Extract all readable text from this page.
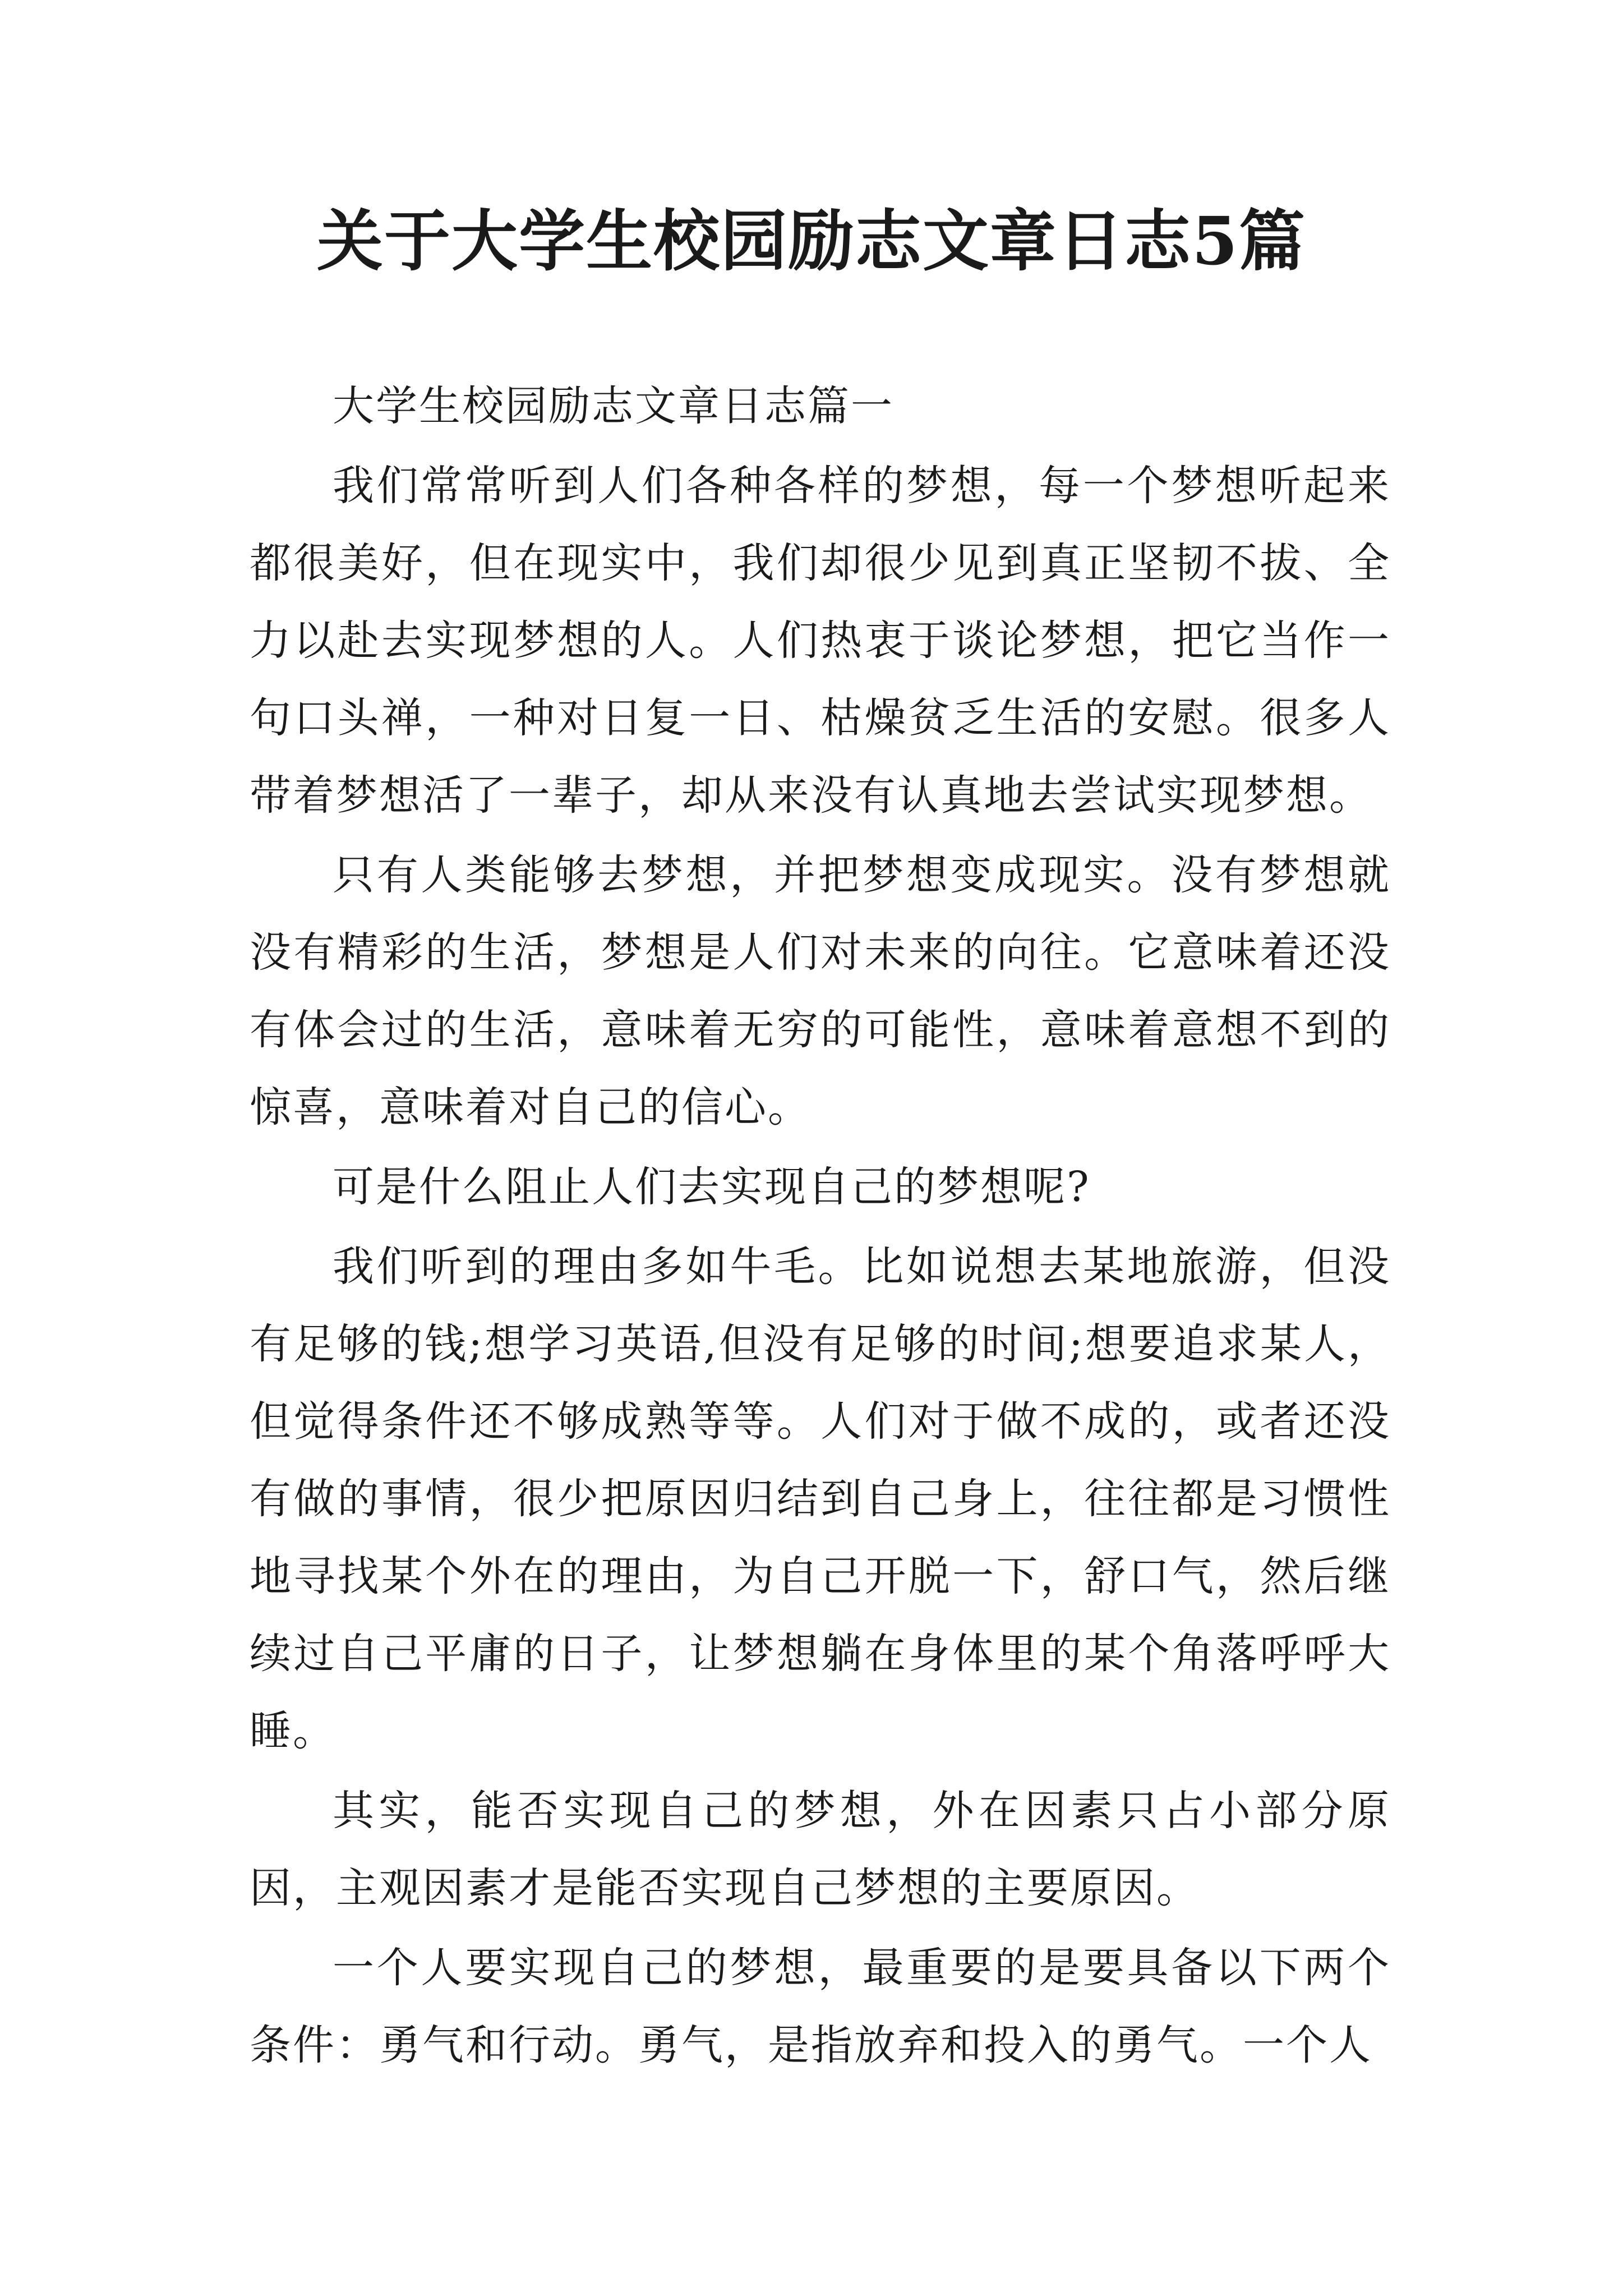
关于大学生校园励志文章日志5篇

大学生校园励志文章日志篇一

我们常常听到人们各种各样的梦想，每一个梦想听起来都很美好，但在现实中，我们却很少见到真正坚韧不拔、全力以赴去实现梦想的人。人们热衷于谈论梦想，把它当作一句口头禅，一种对日复一日、枯燥贫乏生活的安慰。很多人带着梦想活了一辈子，却从来没有认真地去尝试实现梦想。

只有人类能够去梦想，并把梦想变成现实。没有梦想就没有精彩的生活，梦想是人们对未来的向往。它意味着还没有体会过的生活，意味着无穷的可能性，意味着意想不到的惊喜，意味着对自己的信心。

可是什么阻止人们去实现自己的梦想呢?

我们听到的理由多如牛毛。比如说想去某地旅游，但没有足够的钱;想学习英语,但没有足够的时间;想要追求某人，但觉得条件还不够成熟等等。人们对于做不成的，或者还没有做的事情，很少把原因归结到自己身上，往往都是习惯性地寻找某个外在的理由，为自己开脱一下，舒口气，然后继续过自己平庸的日子，让梦想躺在身体里的某个角落呼呼大睡。

其实，能否实现自己的梦想，外在因素只占小部分原因，主观因素才是能否实现自己梦想的主要原因。

一个人要实现自己的梦想，最重要的是要具备以下两个条件：勇气和行动。勇气，是指放弃和投入的勇气。一个人
